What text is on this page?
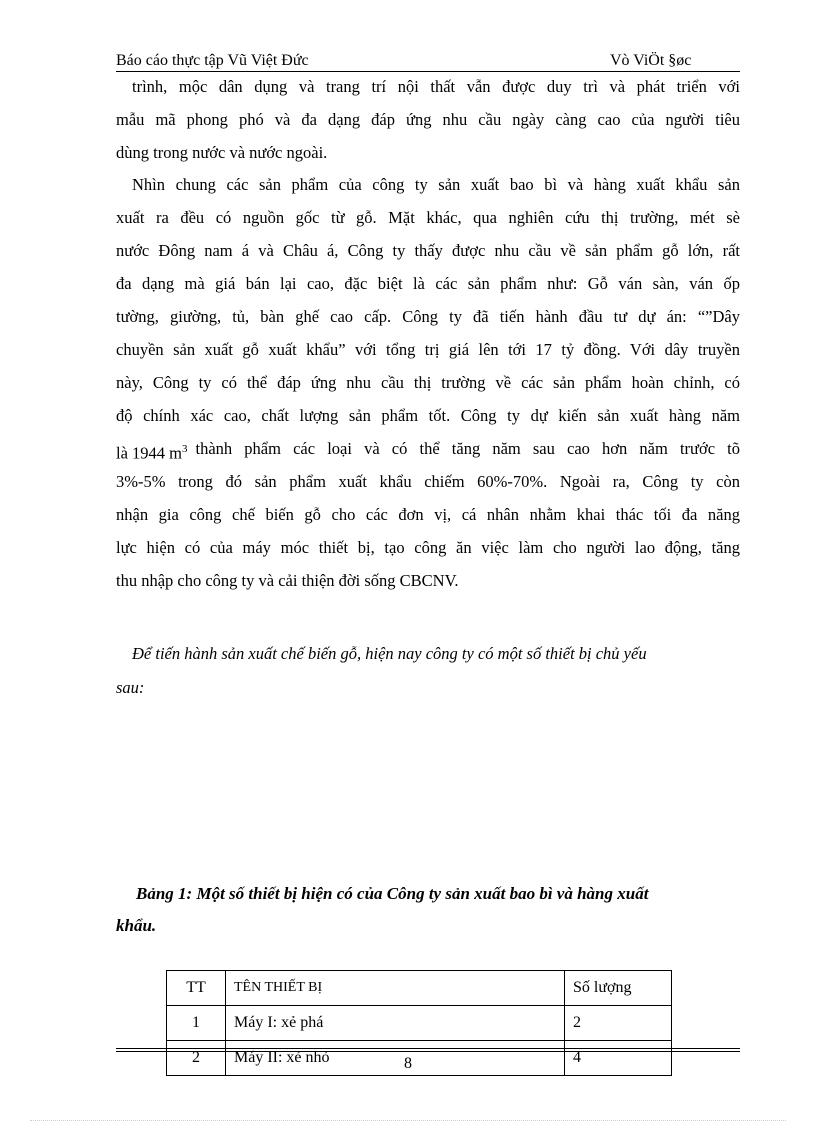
Báo cáo thực tập Vũ Việt Đức	Vò ViÖt §øc
trình, mộc dân dụng và trang trí nội thất vẫn được duy trì và phát triển với
mẫu mã phong phó và đa dạng đáp ứng nhu cầu ngày càng cao của người tiêu
dùng trong nước và nước ngoài.
Nhìn chung các sản phẩm của công ty sản xuất bao bì và hàng xuất khẩu sản
xuất ra đều có nguồn gốc từ gỗ. Mặt khác, qua nghiên cứu thị trường, mét sè
nước Đông nam á và Châu á, Công ty thấy được nhu cầu về sản phẩm gỗ lớn, rất
đa dạng mà giá bán lại cao, đặc biệt là các sản phẩm như: Gỗ ván sàn, ván ốp
tường, giường, tủ, bàn ghế cao cấp. Công ty đã tiến hành đầu tư dự án: “”Dây
chuyền sản xuất gỗ xuất khẩu” với tổng trị giá lên tới 17 tỷ đồng. Với dây truyền
này, Công ty có thể đáp ứng nhu cầu thị trường về các sản phẩm hoàn chỉnh, có
độ chính xác cao, chất lượng sản phẩm tốt. Công ty dự kiến sản xuất hàng năm
là 1944 $m^3$ thành phẩm các loại và có thể tăng năm sau cao hơn năm trước tõ
3%-5% trong đó sản phẩm xuất khẩu chiếm 60%-70%. Ngoài ra, Công ty còn
nhận gia công chế biến gỗ cho các đơn vị, cá nhân nhằm khai thác tối đa năng
lực hiện có của máy móc thiết bị, tạo công ăn việc làm cho người lao động, tăng
thu nhập cho công ty và cải thiện đời sống CBCNV.
Để tiến hành sản xuất chế biến gỗ, hiện nay công ty có một số thiết bị chủ yếu
sau:
Bảng 1: Một số thiết bị hiện có của Công ty sản xuất bao bì và hàng xuất
khẩu.
TT	TÊN THIẾT BỊ	Số lượng
1	Máy I: xẻ phá	2
2	Máy II: xẻ nhỏ	4
8
